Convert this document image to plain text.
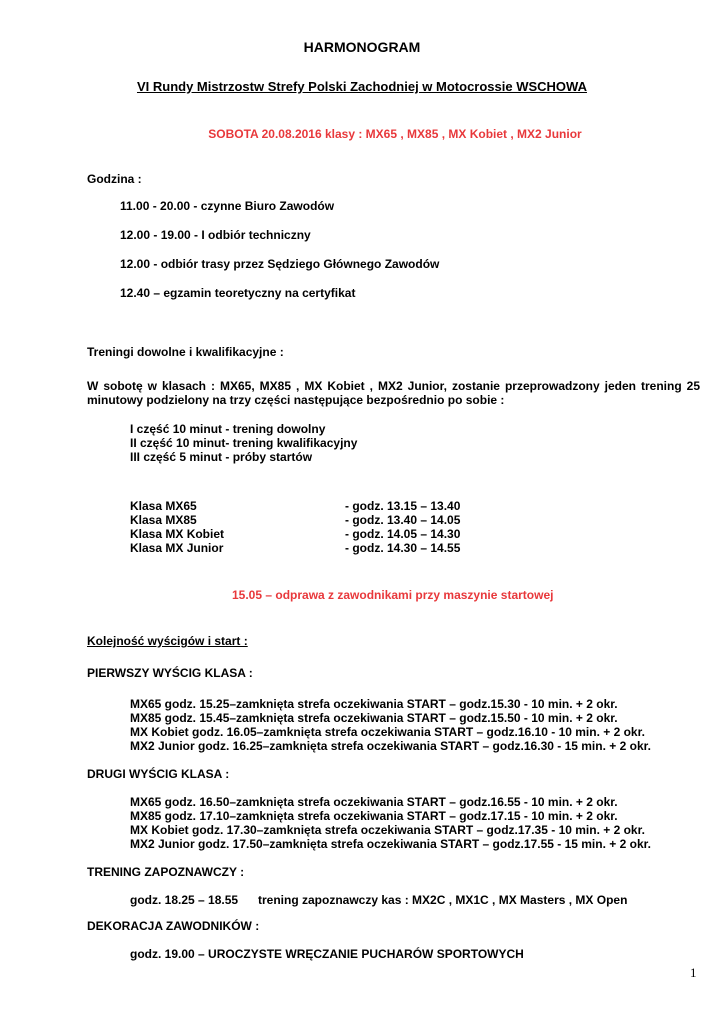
HARMONOGRAM
VI Rundy Mistrzostw Strefy Polski Zachodniej w Motocrossie WSCHOWA
SOBOTA 20.08.2016 klasy : MX65 , MX85 , MX Kobiet , MX2 Junior
Godzina :
11.00 - 20.00 - czynne Biuro Zawodów
12.00 - 19.00 - I odbiór techniczny
12.00 - odbiór trasy przez Sędziego Głównego Zawodów
12.40 – egzamin teoretyczny na certyfikat
Treningi dowolne i kwalifikacyjne :
W sobotę w klasach : MX65, MX85 , MX Kobiet , MX2 Junior, zostanie przeprowadzony jeden trening 25 minutowy podzielony na trzy części następujące bezpośrednio po sobie :
I część 10 minut - trening dowolny
II część 10 minut- trening kwalifikacyjny
III część 5 minut - próby startów
Klasa MX65	- godz. 13.15 – 13.40
Klasa MX85	- godz. 13.40 – 14.05
Klasa MX Kobiet	- godz. 14.05 – 14.30
Klasa MX Junior	- godz. 14.30 – 14.55
15.05 – odprawa z zawodnikami przy maszynie startowej
Kolejność wyścigów i start :
PIERWSZY WYŚCIG KLASA :
MX65 godz. 15.25–zamknięta strefa oczekiwania START – godz.15.30 - 10 min. + 2 okr.
MX85 godz. 15.45–zamknięta strefa oczekiwania START – godz.15.50 - 10 min. + 2 okr.
MX Kobiet godz. 16.05–zamknięta strefa oczekiwania START – godz.16.10 - 10 min. + 2 okr.
MX2 Junior godz. 16.25–zamknięta strefa oczekiwania START – godz.16.30 - 15 min. + 2 okr.
DRUGI WYŚCIG KLASA :
MX65 godz. 16.50–zamknięta strefa oczekiwania START – godz.16.55 - 10 min. + 2 okr.
MX85 godz. 17.10–zamknięta strefa oczekiwania START – godz.17.15 - 10 min. + 2 okr.
MX Kobiet godz. 17.30–zamknięta strefa oczekiwania START – godz.17.35 - 10 min. + 2 okr.
MX2 Junior godz. 17.50–zamknięta strefa oczekiwania START – godz.17.55 - 15 min. + 2 okr.
TRENING ZAPOZNAWCZY :
godz. 18.25 – 18.55 trening zapoznawczy kas : MX2C , MX1C , MX Masters , MX Open
DEKORACJA ZAWODNIKÓW :
godz. 19.00 – UROCZYSTE WRĘCZANIE PUCHARÓW SPORTOWYCH
1
